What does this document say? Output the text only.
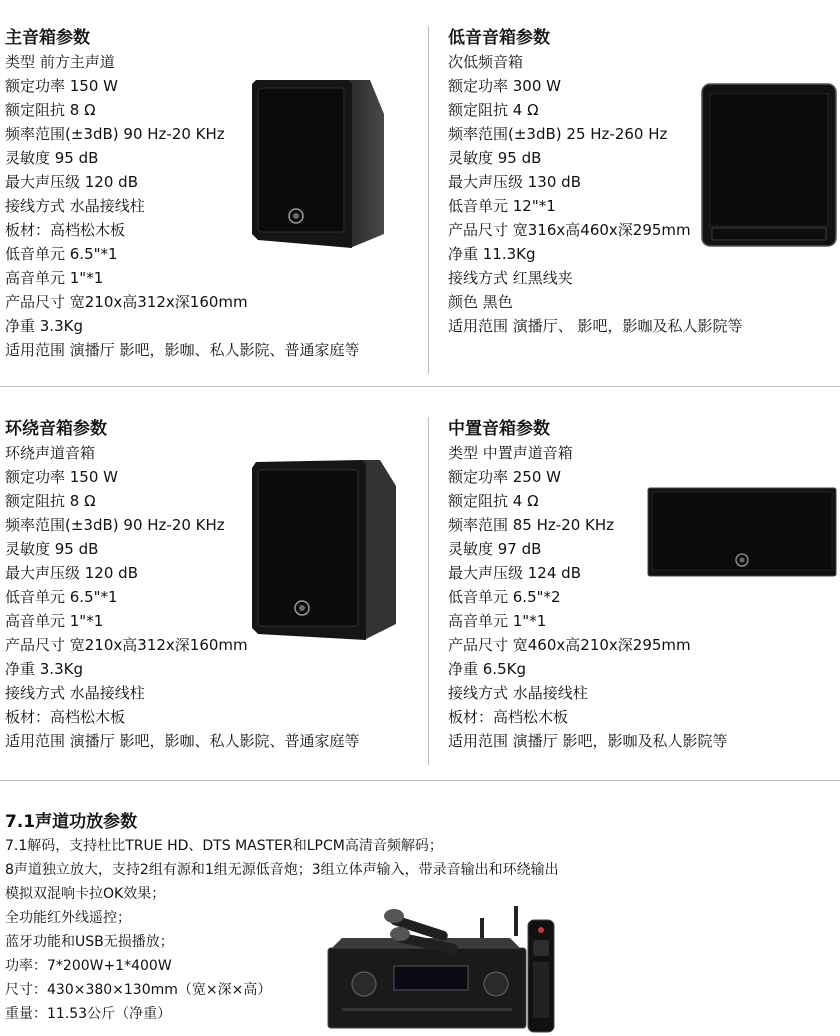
主音箱参数
类型 前方主声道
额定功率 150 W
额定阻抗 8 Ω
频率范围(±3dB) 90 Hz-20 KHz
灵敏度 95 dB
最大声压级 120 dB
接线方式 水晶接线柱
板材：高档松木板
低音单元 6.5"*1
高音单元 1"*1
产品尺寸 宽210x高312x深160mm
净重 3.3Kg
适用范围 演播厅 影吧，影咖、私人影院、普通家庭等
低音音箱参数
次低频音箱
额定功率 300 W
额定阻抗 4 Ω
频率范围(±3dB) 25 Hz-260 Hz
灵敏度 95 dB
最大声压级 130 dB
低音单元 12"*1
产品尺寸 宽316x高460x深295mm
净重 11.3Kg
接线方式 红黑线夹
颜色 黑色
适用范围 演播厅、 影吧，影咖及私人影院等
环绕音箱参数
环绕声道音箱
额定功率 150 W
额定阻抗 8 Ω
频率范围(±3dB) 90 Hz-20 KHz
灵敏度 95 dB
最大声压级 120 dB
低音单元 6.5"*1
高音单元 1"*1
产品尺寸 宽210x高312x深160mm
净重 3.3Kg
接线方式 水晶接线柱
板材：高档松木板
适用范围 演播厅 影吧，影咖、私人影院、普通家庭等
中置音箱参数
类型 中置声道音箱
额定功率 250 W
额定阻抗 4 Ω
频率范围 85 Hz-20 KHz
灵敏度 97 dB
最大声压级 124 dB
低音单元 6.5"*2
高音单元 1"*1
产品尺寸 宽460x高210x深295mm
净重 6.5Kg
接线方式 水晶接线柱
板材：高档松木板
适用范围 演播厅 影吧，影咖及私人影院等
7.1声道功放参数
7.1解码，支持杜比TRUE HD、DTS MASTER和LPCM高清音频解码；
8声道独立放大，支持2组有源和1组无源低音炮；3组立体声输入，带录音输出和环绕输出
模拟双混响卡拉OK效果；
全功能红外线遥控；
蓝牙功能和USB无损播放；
功率：7*200W+1*400W
尺寸：430×380×130mm（宽×深×高）
重量：11.53公斤（净重）
